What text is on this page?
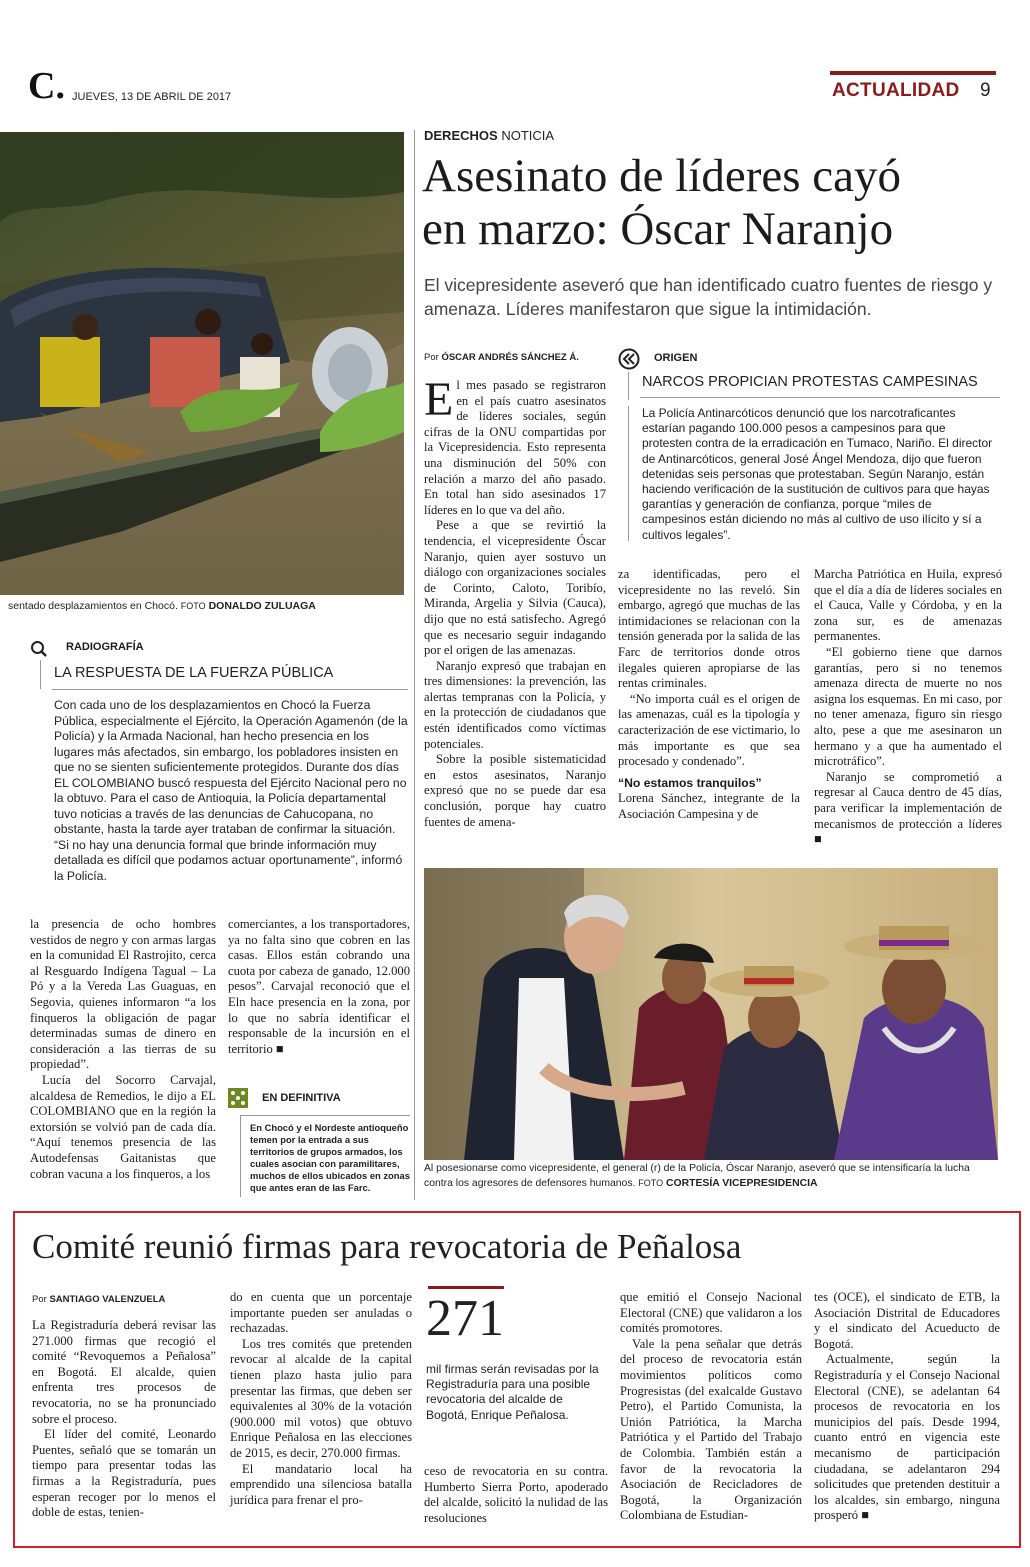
C. JUEVES, 13 DE ABRIL DE 2017	ACTUALIDAD 9
sentado desplazamientos en Chocó. FOTO DONALDO ZULUAGA
RADIOGRAFÍA
LA RESPUESTA DE LA FUERZA PÚBLICA
Con cada uno de los desplazamientos en Chocó la Fuerza Pública, especialmente el Ejército, la Operación Agamenón (de la Policía) y la Armada Nacional, han hecho presencia en los lugares más afectados, sin embargo, los pobladores insisten en que no se sienten suficientemente protegidos. Durante dos días EL COLOMBIANO buscó respuesta del Ejército Nacional pero no la obtuvo. Para el caso de Antioquia, la Policía departamental tuvo noticias a través de las denuncias de Cahucopana, no obstante, hasta la tarde ayer trataban de confirmar la situación. “Si no hay una denuncia formal que brinde información muy detallada es difícil que podamos actuar oportunamente”, informó la Policía.

la presencia de ocho hombres vestidos de negro y con armas largas en la comunidad El Rastrojito, cerca al Resguardo Indígena Tagual – La Pó y a la Vereda Las Guaguas, en Segovia, quienes informaron “a los finqueros la obligación de pagar determinadas sumas de dinero en consideración a las tierras de su propiedad”.

Lucía del Socorro Carvajal, alcaldesa de Remedios, le dijo a EL COLOMBIANO que en la región la extorsión se volvió pan de cada día. “Aquí tenemos presencia de las Autodefensas Gaitanistas que cobran vacuna a los finqueros, a los

comerciantes, a los transportadores, ya no falta sino que cobren en las casas. Ellos están cobrando una cuota por cabeza de ganado, 12.000 pesos”. Carvajal reconoció que el Eln hace presencia en la zona, por lo que no sabría identificar el responsable de la incursión en el territorio ■

EN DEFINITIVA
En Chocó y el Nordeste antioqueño temen por la entrada a sus territorios de grupos armados, los cuales asocian con paramilitares, muchos de ellos ubicados en zonas que antes eran de las Farc.
DERECHOS NOTICIA
Asesinato de líderes cayó
en marzo: Óscar Naranjo
El vicepresidente aseveró que han identificado cuatro fuentes de riesgo y amenaza. Líderes manifestaron que sigue la intimidación.
Por ÓSCAR ANDRÉS SÁNCHEZ Á.

El mes pasado se registraron en el país cuatro asesinatos de líderes sociales, según cifras de la ONU compartidas por la Vicepresidencia. Esto representa una disminución del 50% con relación a marzo del año pasado. En total han sido asesinados 17 líderes en lo que va del año.

Pese a que se revirtió la tendencia, el vicepresidente Óscar Naranjo, quien ayer sostuvo un diálogo con organizaciones sociales de Corinto, Caloto, Toribío, Miranda, Argelia y Silvia (Cauca), dijo que no está satisfecho. Agregó que es necesario seguir indagando por el origen de las amenazas.

Naranjo expresó que trabajan en tres dimensiones: la prevención, las alertas tempranas con la Policía, y en la protección de ciudadanos que estén identificados como víctimas potenciales.

Sobre la posible sistematicidad en estos asesinatos, Naranjo expresó que no se puede dar esa conclusión, porque hay cuatro fuentes de amena-

ORIGEN
NARCOS PROPICIAN PROTESTAS CAMPESINAS
La Policía Antinarcóticos denunció que los narcotraficantes estarían pagando 100.000 pesos a campesinos para que protesten contra de la erradicación en Tumaco, Nariño. El director de Antinarcóticos, general José Ángel Mendoza, dijo que fueron detenidas seis personas que protestaban. Según Naranjo, están haciendo verificación de la sustitución de cultivos para que hayas garantías y generación de confianza, porque “miles de campesinos están diciendo no más al cultivo de uso ilícito y sí a cultivos legales”.

za identificadas, pero el vicepresidente no las reveló. Sin embargo, agregó que muchas de las intimidaciones se relacionan con la tensión generada por la salida de las Farc de territorios donde otros ilegales quieren apropiarse de las rentas criminales.

“No importa cuál es el origen de las amenazas, cuál es la tipología y caracterización de ese victimario, lo más importante es que sea procesado y condenado”.

“No estamos tranquilos”

Lorena Sánchez, integrante de la Asociación Campesina y de

Marcha Patriótica en Huila, expresó que el día a día de líderes sociales en el Cauca, Valle y Córdoba, y en la zona sur, es de amenazas permanentes.

“El gobierno tiene que darnos garantías, pero si no tenemos amenaza directa de muerte no nos asigna los esquemas. En mi caso, por no tener amenaza, figuro sin riesgo alto, pese a que me asesinaron un hermano y a que ha aumentado el microtráfico”.

Naranjo se comprometió a regresar al Cauca dentro de 45 días, para verificar la implementación de mecanismos de protección a líderes ■

Al posesionarse como vicepresidente, el general (r) de la Policía, Óscar Naranjo, aseveró que se intensificaría la lucha contra los agresores de defensores humanos. FOTO CORTESÍA VICEPRESIDENCIA
Comité reunió firmas para revocatoria de Peñalosa
Por SANTIAGO VALENZUELA

La Registraduría deberá revisar las 271.000 firmas que recogió el comité “Revoquemos a Peñalosa” en Bogotá. El alcalde, quien enfrenta tres procesos de revocatoria, no se ha pronunciado sobre el proceso.

El líder del comité, Leonardo Puentes, señaló que se tomarán un tiempo para presentar todas las firmas a la Registraduría, pues esperan recoger por lo menos el doble de estas, tenien-

do en cuenta que un porcentaje importante pueden ser anuladas o rechazadas.

Los tres comités que pretenden revocar al alcalde de la capital tienen plazo hasta julio para presentar las firmas, que deben ser equivalentes al 30% de la votación (900.000 mil votos) que obtuvo Enrique Peñalosa en las elecciones de 2015, es decir, 270.000 firmas.

El mandatario local ha emprendido una silenciosa batalla jurídica para frenar el pro-

271
mil firmas serán revisadas por la Registraduría para una posible revocatoria del alcalde de Bogotá, Enrique Peñalosa.

ceso de revocatoria en su contra. Humberto Sierra Porto, apoderado del alcalde, solicitó la nulidad de las resoluciones

que emitió el Consejo Nacional Electoral (CNE) que validaron a los comités promotores.

Vale la pena señalar que detrás del proceso de revocatoria están movimientos políticos como Progresistas (del exalcalde Gustavo Petro), el Partido Comunista, la Unión Patriótica, la Marcha Patriótica y el Partido del Trabajo de Colombia. También están a favor de la revocatoria la Asociación de Recicladores de Bogotá, la Organización Colombiana de Estudian-

tes (OCE), el sindicato de ETB, la Asociación Distrital de Educadores y el sindicato del Acueducto de Bogotá.

Actualmente, según la Registraduría y el Consejo Nacional Electoral (CNE), se adelantan 64 procesos de revocatoria en los municipios del país. Desde 1994, cuanto entró en vigencia este mecanismo de participación ciudadana, se adelantaron 294 solicitudes que pretenden destituir a los alcaldes, sin embargo, ninguna prosperó ■
